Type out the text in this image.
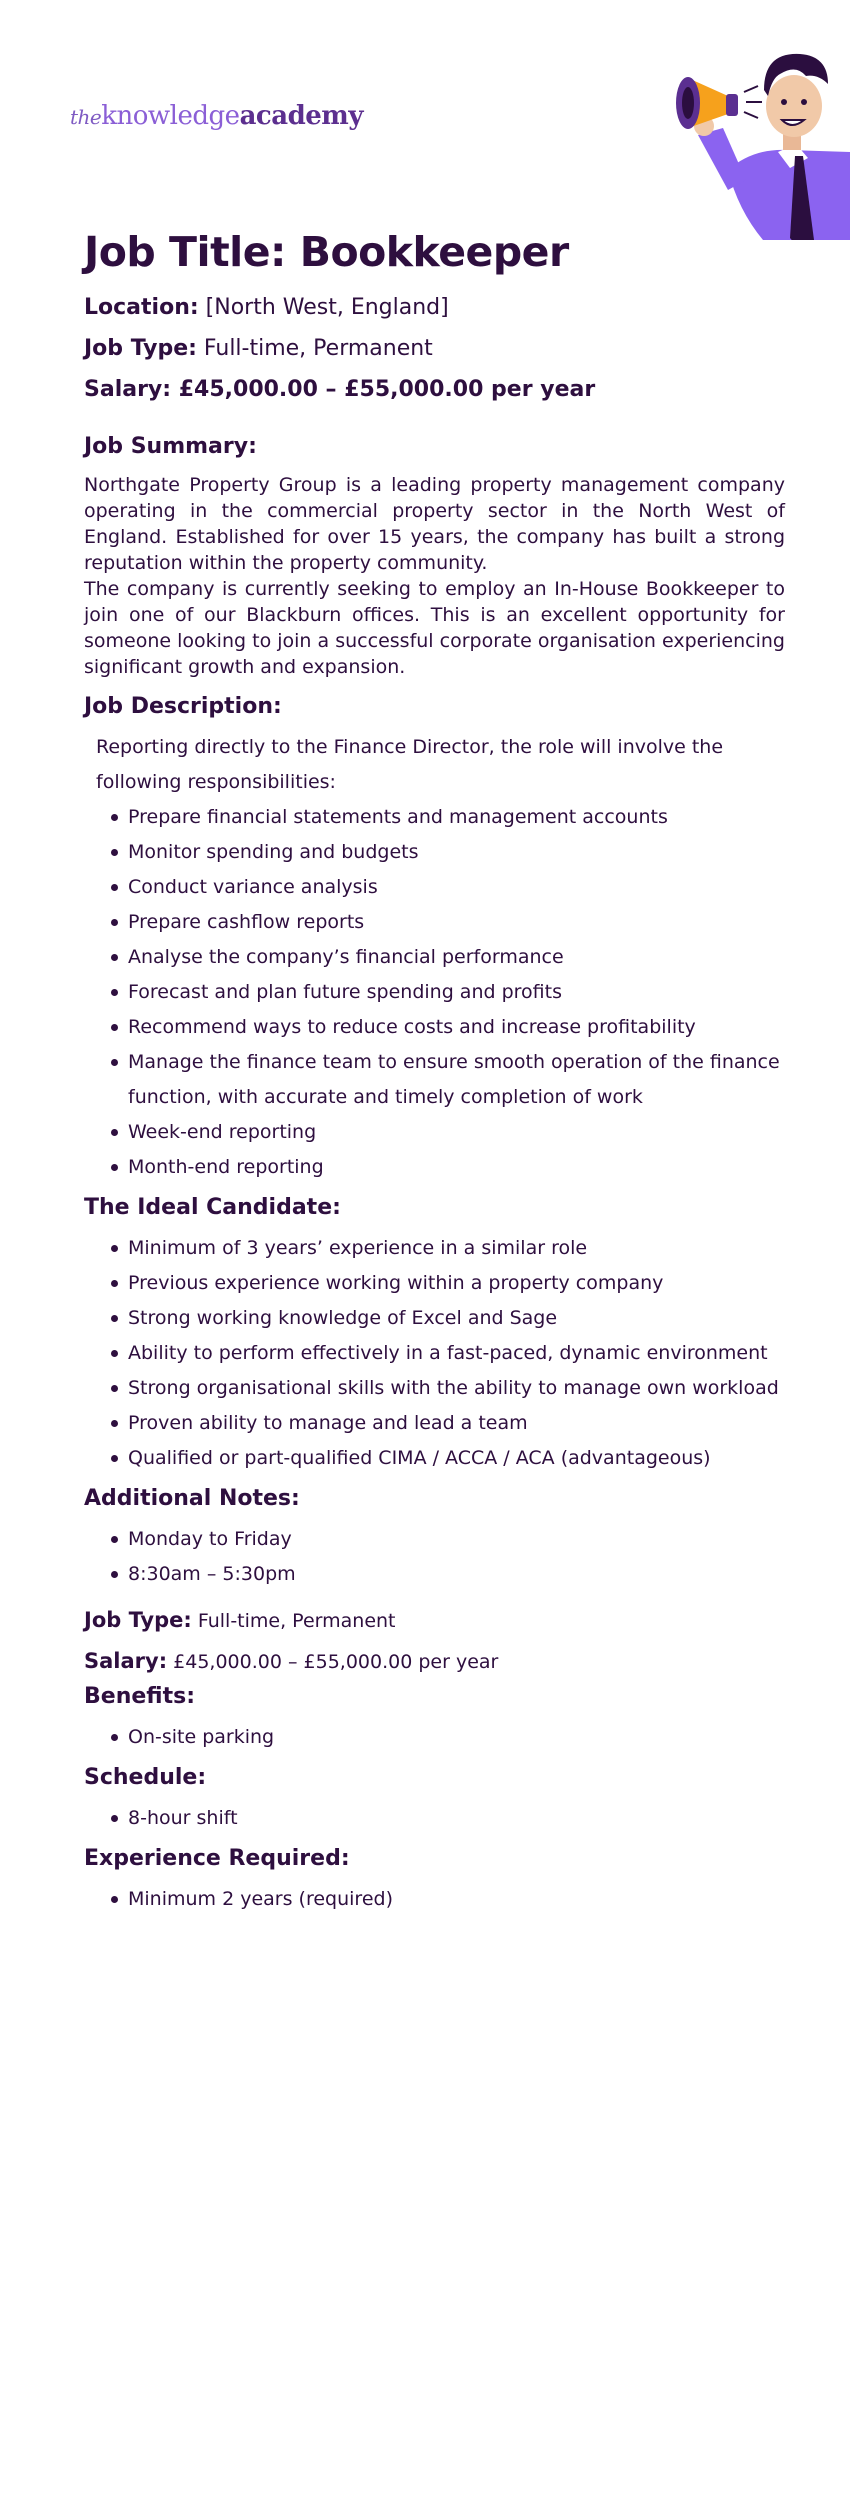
theknowledgeacademy
Job Title: Bookkeeper

Location: [North West, England]

Job Type: Full-time, Permanent

Salary: £45,000.00 – £55,000.00 per year

Job Summary:

Northgate Property Group is a leading property management company operating in the commercial property sector in the North West of England. Established for over 15 years, the company has built a strong reputation within the property community.

The company is currently seeking to employ an In-House Bookkeeper to join one of our Blackburn offices. This is an excellent opportunity for someone looking to join a successful corporate organisation experiencing significant growth and expansion.

Job Description:

Reporting directly to the Finance Director, the role will involve the following responsibilities:

Prepare financial statements and management accounts
Monitor spending and budgets
Conduct variance analysis
Prepare cashflow reports
Analyse the company’s financial performance
Forecast and plan future spending and profits
Recommend ways to reduce costs and increase profitability
Manage the finance team to ensure smooth operation of the finance function, with accurate and timely completion of work
Week-end reporting
Month-end reporting
The Ideal Candidate:
Minimum of 3 years’ experience in a similar role
Previous experience working within a property company
Strong working knowledge of Excel and Sage
Ability to perform effectively in a fast-paced, dynamic environment
Strong organisational skills with the ability to manage own workload
Proven ability to manage and lead a team
Qualified or part-qualified CIMA / ACCA / ACA (advantageous)
Additional Notes:
Monday to Friday
8:30am – 5:30pm

Job Type: Full-time, Permanent

Salary: £45,000.00 – £55,000.00 per year

Benefits:
On-site parking
Schedule:
8-hour shift
Experience Required:
Minimum 2 years (required)
